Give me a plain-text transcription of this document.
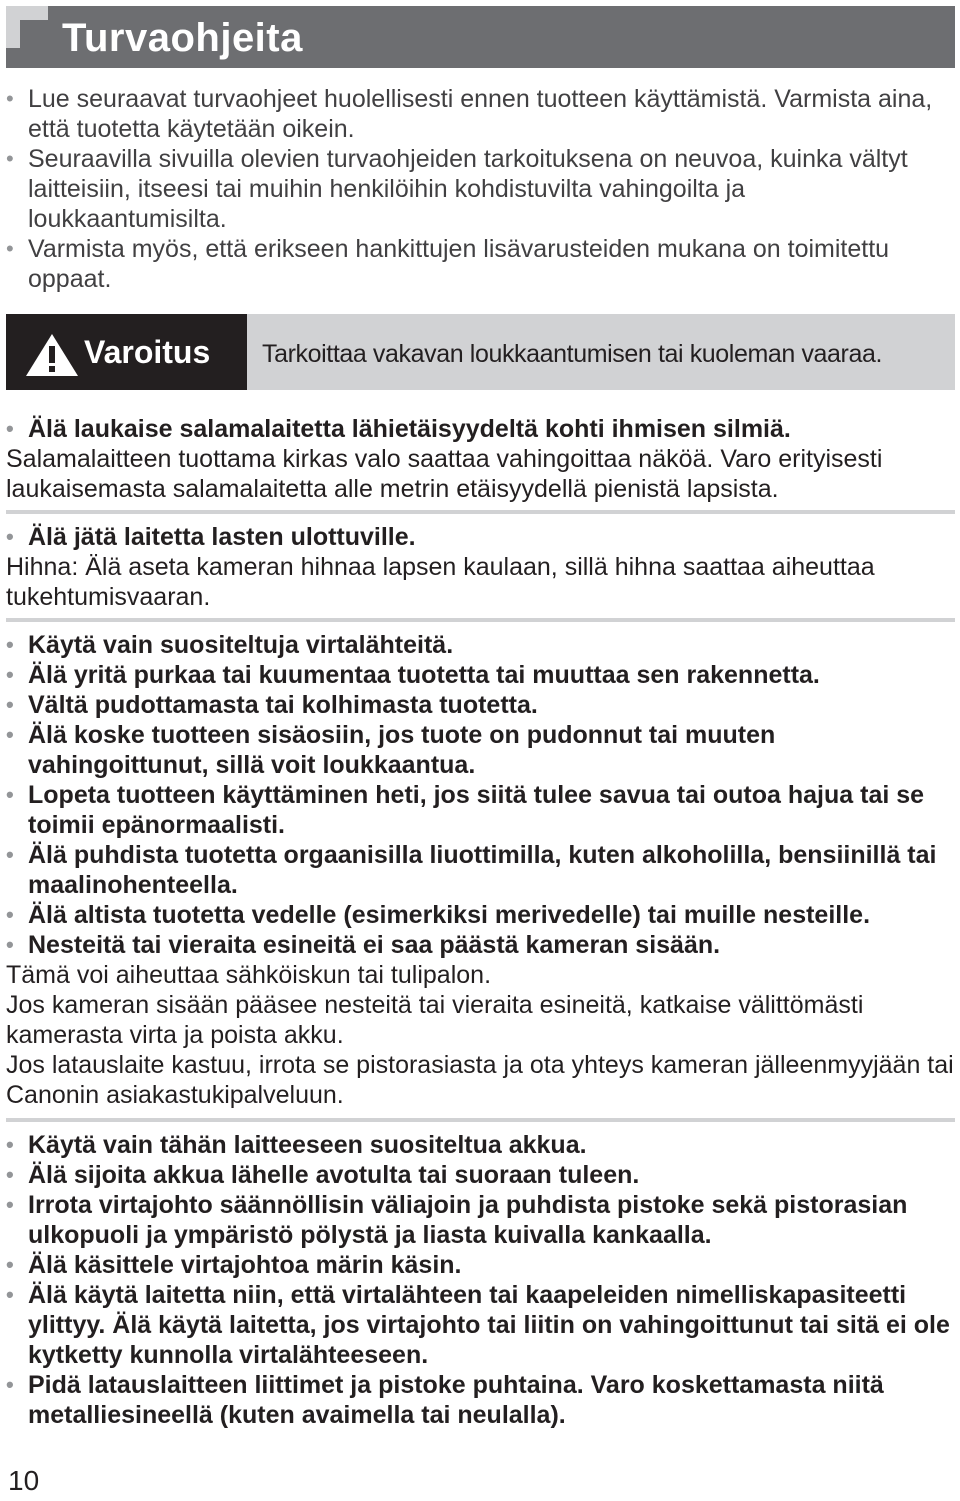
Turvaohjeita
• Lue seuraavat turvaohjeet huolellisesti ennen tuotteen käyttämistä. Varmista aina, että tuotetta käytetään oikein.
• Seuraavilla sivuilla olevien turvaohjeiden tarkoituksena on neuvoa, kuinka vältyt laitteisiin, itseesi tai muihin henkilöihin kohdistuvilta vahingoilta ja loukkaantumisilta.
• Varmista myös, että erikseen hankittujen lisävarusteiden mukana on toimitettu oppaat.
Varoitus Tarkoittaa vakavan loukkaantumisen tai kuoleman vaaraa.
• Älä laukaise salamalaitetta lähietäisyydeltä kohti ihmisen silmiä.
Salamalaitteen tuottama kirkas valo saattaa vahingoittaa näköä. Varo erityisesti laukaisemasta salamalaitetta alle metrin etäisyydellä pienistä lapsista.
• Älä jätä laitetta lasten ulottuville.
Hihna: Älä aseta kameran hihnaa lapsen kaulaan, sillä hihna saattaa aiheuttaa tukehtumisvaaran.
• Käytä vain suositeltuja virtalähteitä.
• Älä yritä purkaa tai kuumentaa tuotetta tai muuttaa sen rakennetta.
• Vältä pudottamasta tai kolhimasta tuotetta.
• Älä koske tuotteen sisäosiin, jos tuote on pudonnut tai muuten vahingoittunut, sillä voit loukkaantua.
• Lopeta tuotteen käyttäminen heti, jos siitä tulee savua tai outoa hajua tai se toimii epänormaalisti.
• Älä puhdista tuotetta orgaanisilla liuottimilla, kuten alkoholilla, bensiinillä tai maalinohenteella.
• Älä altista tuotetta vedelle (esimerkiksi merivedelle) tai muille nesteille.
• Nesteitä tai vieraita esineitä ei saa päästä kameran sisään.
Tämä voi aiheuttaa sähköiskun tai tulipalon.
Jos kameran sisään pääsee nesteitä tai vieraita esineitä, katkaise välittömästi kamerasta virta ja poista akku.
Jos latauslaite kastuu, irrota se pistorasiasta ja ota yhteys kameran jälleenmyyjään tai Canonin asiakastukipalveluun.
• Käytä vain tähän laitteeseen suositeltua akkua.
• Älä sijoita akkua lähelle avotulta tai suoraan tuleen.
• Irrota virtajohto säännöllisin väliajoin ja puhdista pistoke sekä pistorasian ulkopuoli ja ympäristö pölystä ja liasta kuivalla kankaalla.
• Älä käsittele virtajohtoa märin käsin.
• Älä käytä laitetta niin, että virtalähteen tai kaapeleiden nimelliskapasiteetti ylittyy. Älä käytä laitetta, jos virtajohto tai liitin on vahingoittunut tai sitä ei ole kytketty kunnolla virtalähteeseen.
• Pidä latauslaitteen liittimet ja pistoke puhtaina. Varo koskettamasta niitä metalliesineellä (kuten avaimella tai neulalla).
10
